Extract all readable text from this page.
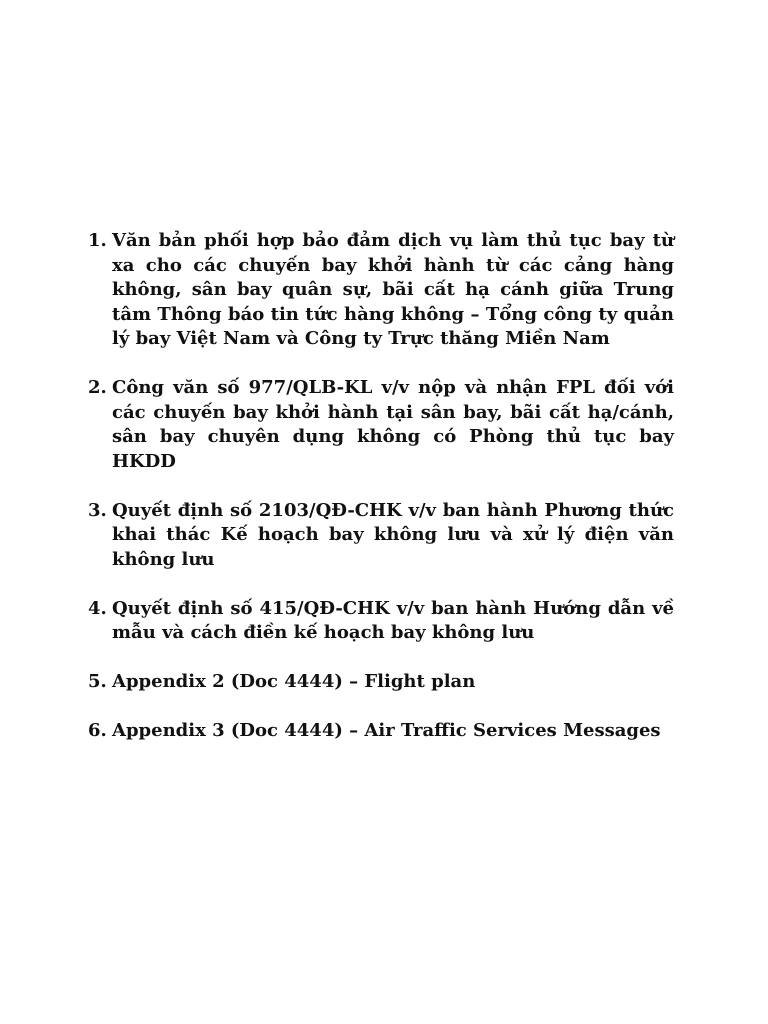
1. Văn bản phối hợp bảo đảm dịch vụ làm thủ tục bay từ xa cho các chuyến bay khởi hành từ các cảng hàng không, sân bay quân sự, bãi cất hạ cánh giữa Trung tâm Thông báo tin tức hàng không – Tổng công ty quản lý bay Việt Nam và Công ty Trực thăng Miền Nam
2. Công văn số 977/QLB-KL v/v nộp và nhận FPL đối với các chuyến bay khởi hành tại sân bay, bãi cất hạ/cánh, sân bay chuyên dụng không có Phòng thủ tục bay HKDD
3. Quyết định số 2103/QĐ-CHK v/v ban hành Phương thức khai thác Kế hoạch bay không lưu và xử lý điện văn không lưu
4. Quyết định số 415/QĐ-CHK v/v ban hành Hướng dẫn về mẫu và cách điền kế hoạch bay không lưu
5. Appendix 2 (Doc 4444) – Flight plan
6. Appendix 3 (Doc 4444) – Air Traffic Services Messages
